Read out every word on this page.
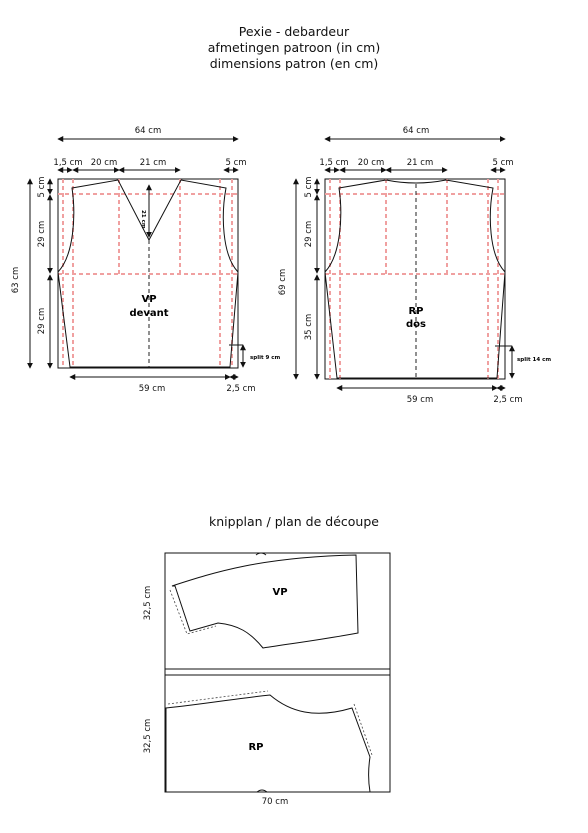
Pexie - debardeur
afmetingen patroon (in cm)
dimensions patron (en cm)
21 cm
VP
devant
64 cm
1,5 cm 20 cm	21 cm	5 cm
63 cm
5 cm
29 cm
29 cm
split 9 cm
59 cm	2,5 cm
RP
dos
64 cm
1,5 cm 20 cm	21 cm	5 cm
69 cm
5 cm
29 cm
35 cm
split 14 cm
59 cm	2,5 cm
VP
RP
32,5 cm
32,5 cm
70 cm
knipplan / plan de découpe
